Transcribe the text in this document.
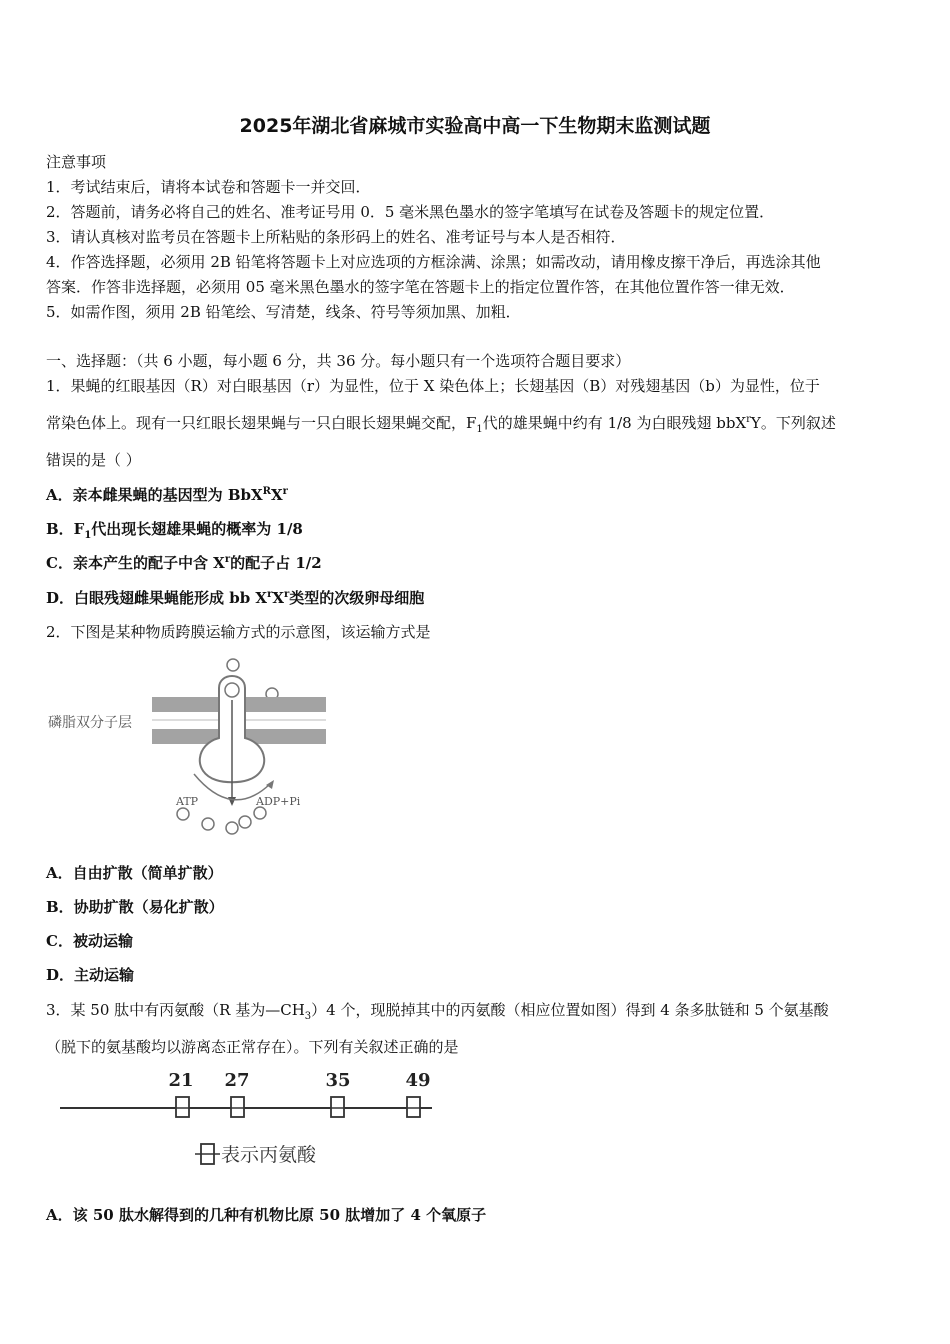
2025年湖北省麻城市实验高中高一下生物期末监测试题
注意事项
1．考试结束后，请将本试卷和答题卡一并交回．
2．答题前，请务必将自己的姓名、准考证号用 0．5 毫米黑色墨水的签字笔填写在试卷及答题卡的规定位置．
3．请认真核对监考员在答题卡上所粘贴的条形码上的姓名、准考证号与本人是否相符．
4．作答选择题，必须用 2B 铅笔将答题卡上对应选项的方框涂满、涂黑；如需改动，请用橡皮擦干净后，再选涂其他
答案．作答非选择题，必须用 05 毫米黑色墨水的签字笔在答题卡上的指定位置作答，在其他位置作答一律无效．
5．如需作图，须用 2B 铅笔绘、写清楚，线条、符号等须加黑、加粗．
一、选择题：（共 6 小题，每小题 6 分，共 36 分。每小题只有一个选项符合题目要求）
1．果蝇的红眼基因（R）对白眼基因（r）为显性，位于 X 染色体上；长翅基因（B）对残翅基因（b）为显性，位于
常染色体上。现有一只红眼长翅果蝇与一只白眼长翅果蝇交配，$F_1$代的雄果蝇中约有 1/8 为白眼残翅 bbX$^r$Y。下列叙述
错误的是（ ）
A．亲本雌果蝇的基因型为 $BbX^RX^r$
B．$F_1$代出现长翅雄果蝇的概率为 1/8
C．亲本产生的配子中含 $X^r$的配子占 1/2
D．白眼残翅雌果蝇能形成 bb $X^rX^r$类型的次级卵母细胞
2．下图是某种物质跨膜运输方式的示意图，该运输方式是
磷脂双分子层
ATP	ADP+Pi
A．自由扩散（简单扩散）
B．协助扩散（易化扩散）
C．被动运输
D．主动运输
3．某 50 肽中有丙氨酸（R 基为$—CH_3)4$ 个，现脱掉其中的丙氨酸（相应位置如图）得到 4 条多肽链和 5 个氨基酸
（脱下的氨基酸均以游离态正常存在）。下列有关叙述正确的是
21 27	35	49
表示丙氨酸
A．该 50 肽水解得到的几种有机物比原 50 肽增加了 4 个氧原子
